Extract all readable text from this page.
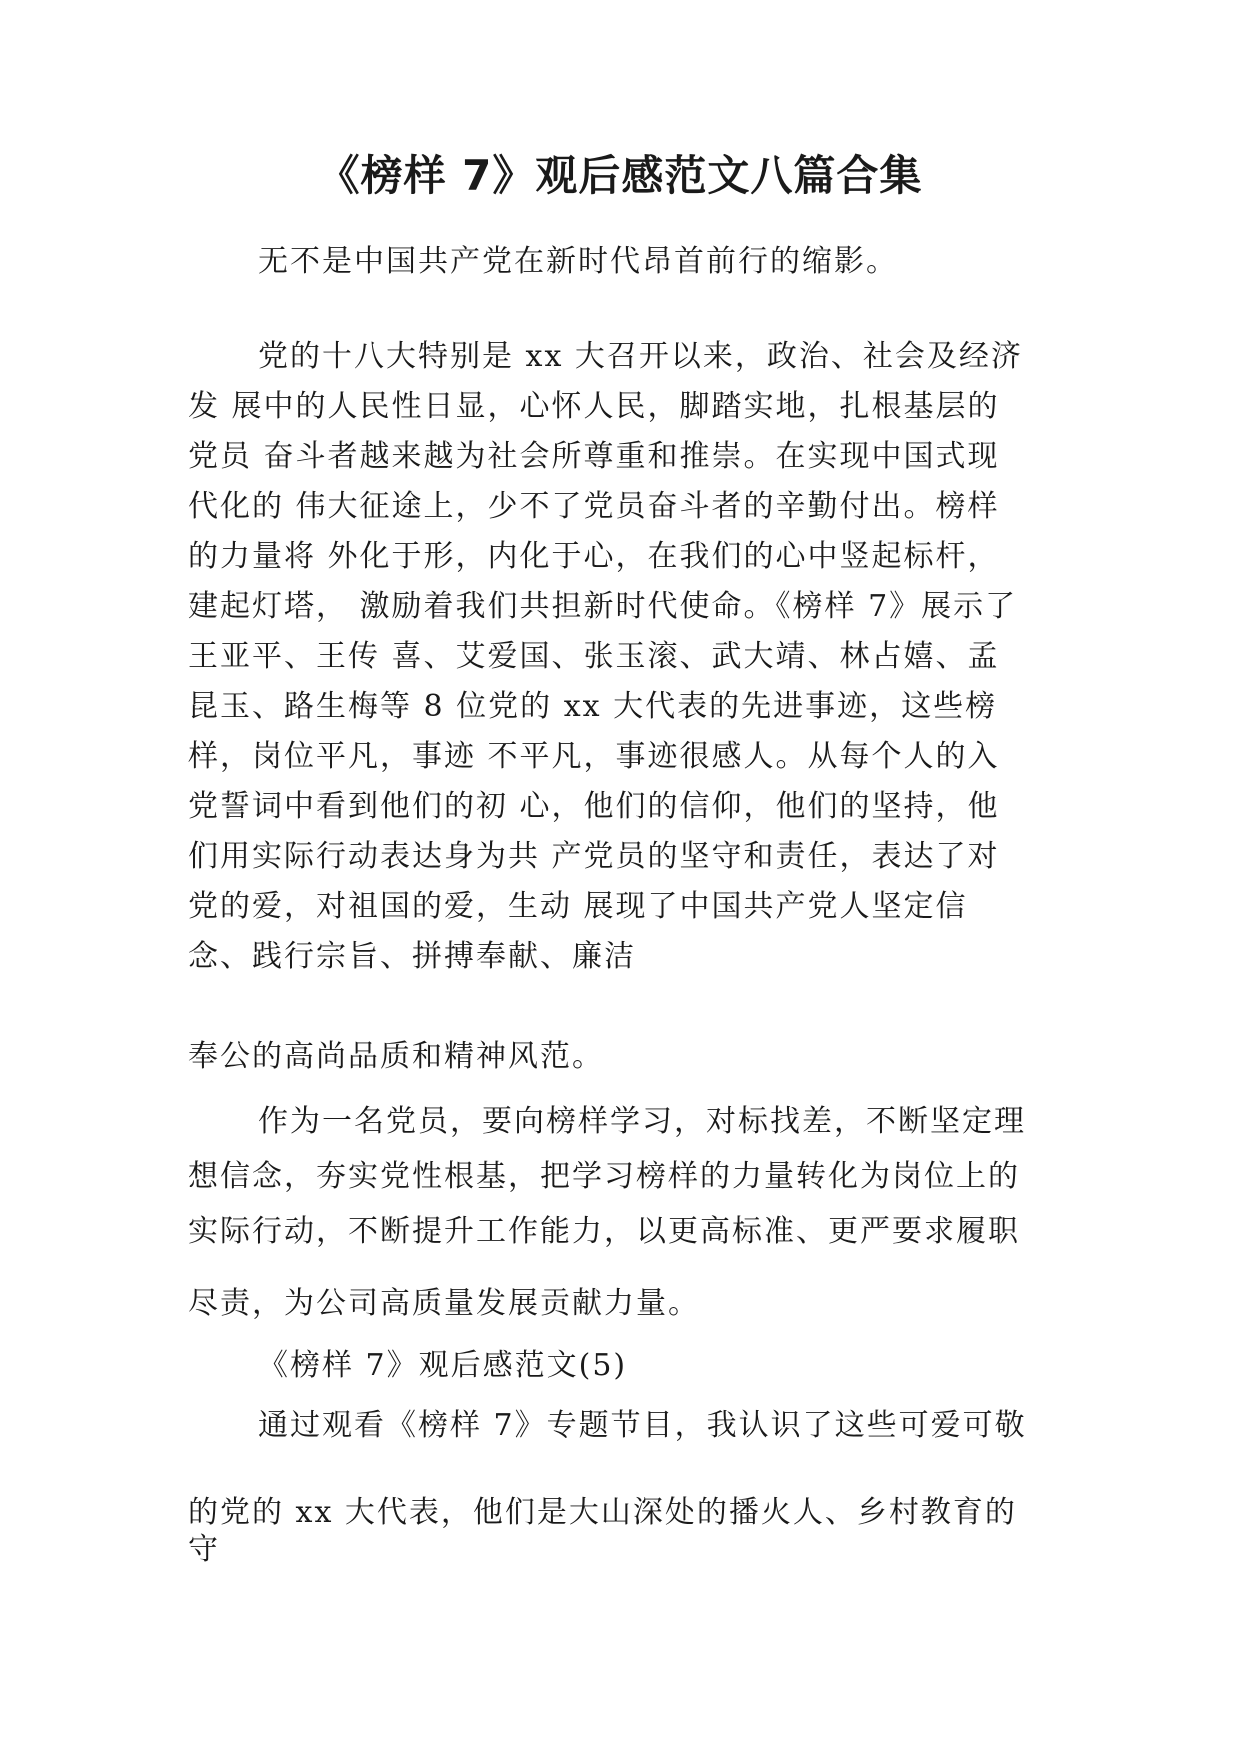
《榜样 7》观后感范文八篇合集
无不是中国共产党在新时代昂首前行的缩影。
党的十八大特别是 xx 大召开以来，政治、社会及经济
发 展中的人民性日显，心怀人民，脚踏实地，扎根基层的
党员 奋斗者越来越为社会所尊重和推崇。在实现中国式现
代化的 伟大征途上，少不了党员奋斗者的辛勤付出。榜样
的力量将 外化于形，内化于心，在我们的心中竖起标杆，
建起灯塔， 激励着我们共担新时代使命。《榜样 7》展示了
王亚平、王传 喜、艾爱国、张玉滚、武大靖、林占嬉、孟
昆玉、路生梅等 8 位党的 xx 大代表的先进事迹，这些榜
样，岗位平凡，事迹 不平凡，事迹很感人。从每个人的入
党誓词中看到他们的初 心，他们的信仰，他们的坚持，他
们用实际行动表达身为共 产党员的坚守和责任，表达了对
党的爱，对祖国的爱，生动 展现了中国共产党人坚定信
念、践行宗旨、拼搏奉献、廉洁
奉公的高尚品质和精神风范。
作为一名党员，要向榜样学习，对标找差，不断坚定理
想信念，夯实党性根基，把学习榜样的力量转化为岗位上的
实际行动，不断提升工作能力，以更高标准、更严要求履职
尽责，为公司高质量发展贡献力量。
《榜样 7》观后感范文(5)
通过观看《榜样 7》专题节目，我认识了这些可爱可敬
的党的 xx 大代表，他们是大山深处的播火人、乡村教育的
守
